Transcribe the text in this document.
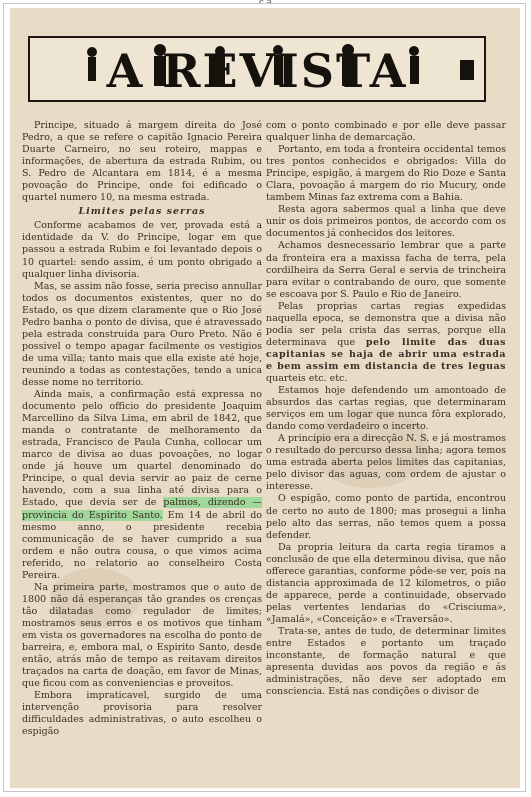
A REVISTA

Principe, situado á margem direita do José Pedro, a que se refere o capitão Ignacio Pereira Duarte Carneiro, no seu roteiro, mappas e informações, de abertura da estrada Rubim, ou S. Pedro de Alcantara em 1814, é a mesma povoação do Principe, onde foi edificado o quartel numero 10, na mesma estrada.

Limites pelas serras

Conforme acabamos de ver, provada está a identidade da V. do Principe, logar em que passou a estrada Rubim e foi levantado depois o 10 quartel: sendo assim, é um ponto obrigado a qualquer linha divisoria.

Mas, se assim não fosse, seria preciso annullar todos os documentos existentes, quer no do Estado, os que dizem claramente que o Rio José Pedro banha o ponto de divisa, que é atravessado pela estrada construida para Ouro Preto. Não é possivel o tempo apagar facilmente os vestigios de uma villa; tanto mais que ella existe até hoje, reunindo a todas as contestações, tendo a unica desse nome no territorio.

Ainda mais, a confirmação está expressa no documento pelo officio do presidente Joaquim Marcellino da Silva Lima, em abril de 1842, que manda o contratante de melhoramento da estrada, Francisco de Paula Cunha, collocar um marco de divisa ao duas povoações, no logar onde já houve um quartel denominado do Principe, o qual devia servir ao paiz de cerne havendo, com a sua linha até divisa para o Estado, que devia ser de palmos, dizendo — provincia do Espirito Santo. Em 14 de abril do mesmo anno, o presidente recebia communicação de se haver cumprido a sua ordem e não outra cousa, o que vimos acima referido, no relatorio ao conselheiro Costa Pereira.

Na primeira parte, mostramos que o auto de 1800 não dá esperanças tão grandes os crenças tão dilatadas como regulador de limites; mostramos seus erros e os motivos que tinham em vista os governadores na escolha do ponto de barreira, e, embora mal, o Espirito Santo, desde então, atrás mão de tempo as reitavam direitos traçados na carta de doação, em favor de Minas, que ficou com as conveniencias e proveitos.

Embora impraticavel, surgido de uma intervenção provisoria para resolver difficuldades administrativas, o auto escolheu o espigão

com o ponto combinado e por elle deve passar qualquer linha de demarcação.

Portanto, em toda a fronteira occidental temos tres pontos conhecidos e obrigados: Villa do Principe, espigão, á margem do Rio Doze e Santa Clara, povoação á margem do rio Mucury, onde tambem Minas faz extrema com a Bahia.

Resta agora sabermos qual a linha que deve unir os dois primeiros pontos, de accordo com os documentos já conhecidos dos leitores.

Achamos desnecessario lembrar que a parte da fronteira era a maxissa facha de terra, pela cordilheira da Serra Geral e servia de trincheira para evitar o contrabando de ouro, que somente se escoava por S. Paulo e Rio de Janeiro.

Pelas proprias cartas regias expedidas naquella epoca, se demonstra que a divisa não podia ser pela crista das serras, porque ella determinava que pelo limite das duas capitanias se haja de abrir uma estrada e bem assim em distancia de tres leguas quarteis etc. etc.

Estamos hoje defendendo um amontoado de absurdos das cartas regias, que determinaram serviços em um logar que nunca fôra explorado, dando como verdadeiro o incerto.

A principio era a direcção N. S. e já mostramos o resultado do percurso dessa linha; agora temos uma estrada aberta pelos limites das capitanias, pelo divisor das aguas, com ordem de ajustar o interesse.

O espigão, como ponto de partida, encontrou de certo no auto de 1800; mas prosegui a linha pelo alto das serras, não temos quem a possa defender.

Da propria leitura da carta regia tiramos a conclusão de que ella determinou divisa, que não offerece garantias, conforme pôde-se ver, pois na distancia approximada de 12 kilometros, o pião de apparece, perde a continuidade, observado pelas vertentes lendarias do «Crisciuma», «Jamalá», «Conceição» e «Traversão».

Trata-se, antes de tudo, de determinar limites entre Estados e portanto um traçado inconstante, de formação natural e que apresenta duvidas aos povos da região e ás administrações, não deve ser adoptado em consciencia. Está nas condições o divisor de
